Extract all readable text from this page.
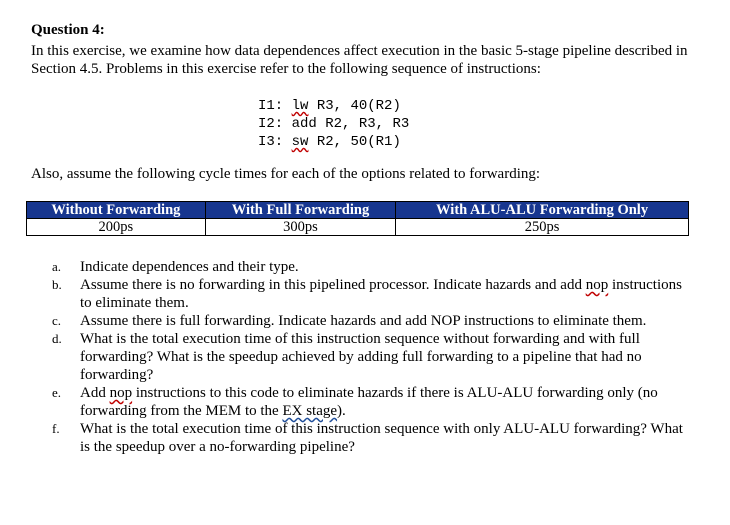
Question 4:
In this exercise, we examine how data dependences affect execution in the basic 5-stage pipeline described in Section 4.5. Problems in this exercise refer to the following sequence of instructions:
I1: lw R3, 40(R2)
I2: add R2, R3, R3
I3: sw R2, 50(R1)
Also, assume the following cycle times for each of the options related to forwarding:
Without Forwarding	With Full Forwarding	With ALU-ALU Forwarding Only
200ps	300ps	250ps
a. Indicate dependences and their type.
b. Assume there is no forwarding in this pipelined processor. Indicate hazards and add nop instructions to eliminate them.
c. Assume there is full forwarding. Indicate hazards and add NOP instructions to eliminate them.
d. What is the total execution time of this instruction sequence without forwarding and with full forwarding? What is the speedup achieved by adding full forwarding to a pipeline that had no forwarding?
e. Add nop instructions to this code to eliminate hazards if there is ALU-ALU forwarding only (no forwarding from the MEM to the EX stage).
f. What is the total execution time of this instruction sequence with only ALU-ALU forwarding? What is the speedup over a no-forwarding pipeline?
